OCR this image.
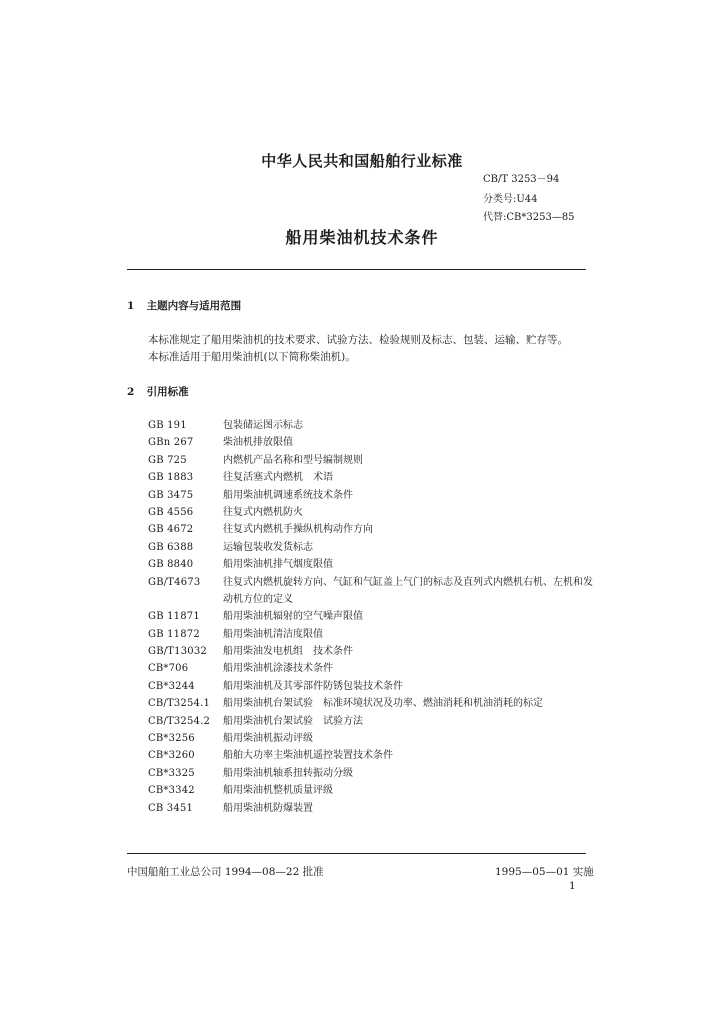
中华人民共和国船舶行业标准
CB/T 3253－94
分类号:U44
代替:CB*3253—85
船用柴油机技术条件
1 主题内容与适用范围
本标准规定了船用柴油机的技术要求、试验方法、检验规则及标志、包装、运输、贮存等。
本标准适用于船用柴油机(以下简称柴油机)。
2 引用标准
GB 191	包装储运图示标志
GBn 267	柴油机排放限值
GB 725	内燃机产品名称和型号编制规则
GB 1883	往复活塞式内燃机　术语
GB 3475	船用柴油机调速系统技术条件
GB 4556	往复式内燃机防火
GB 4672	往复式内燃机手操纵机构动作方向
GB 6388	运输包装收发货标志
GB 8840	船用柴油机排气烟度限值
GB/T4673	往复式内燃机旋转方向、气缸和气缸盖上气门的标志及直列式内燃机右机、左机和发动机方位的定义
GB 11871	船用柴油机辐射的空气噪声限值
GB 11872	船用柴油机清洁度限值
GB/T13032	船用柴油发电机组　技术条件
CB*706	船用柴油机涂漆技术条件
CB*3244	船用柴油机及其零部件防锈包装技术条件
CB/T3254.1	船用柴油机台架试验　标准环境状况及功率、燃油消耗和机油消耗的标定
CB/T3254.2	船用柴油机台架试验　试验方法
CB*3256	船用柴油机振动评级
CB*3260	船舶大功率主柴油机遥控装置技术条件
CB*3325	船用柴油机轴系扭转振动分级
CB*3342	船用柴油机整机质量评级
CB 3451	船用柴油机防爆装置
中国船舶工业总公司 1994—08—22 批准	1995—05—01 实施
1
